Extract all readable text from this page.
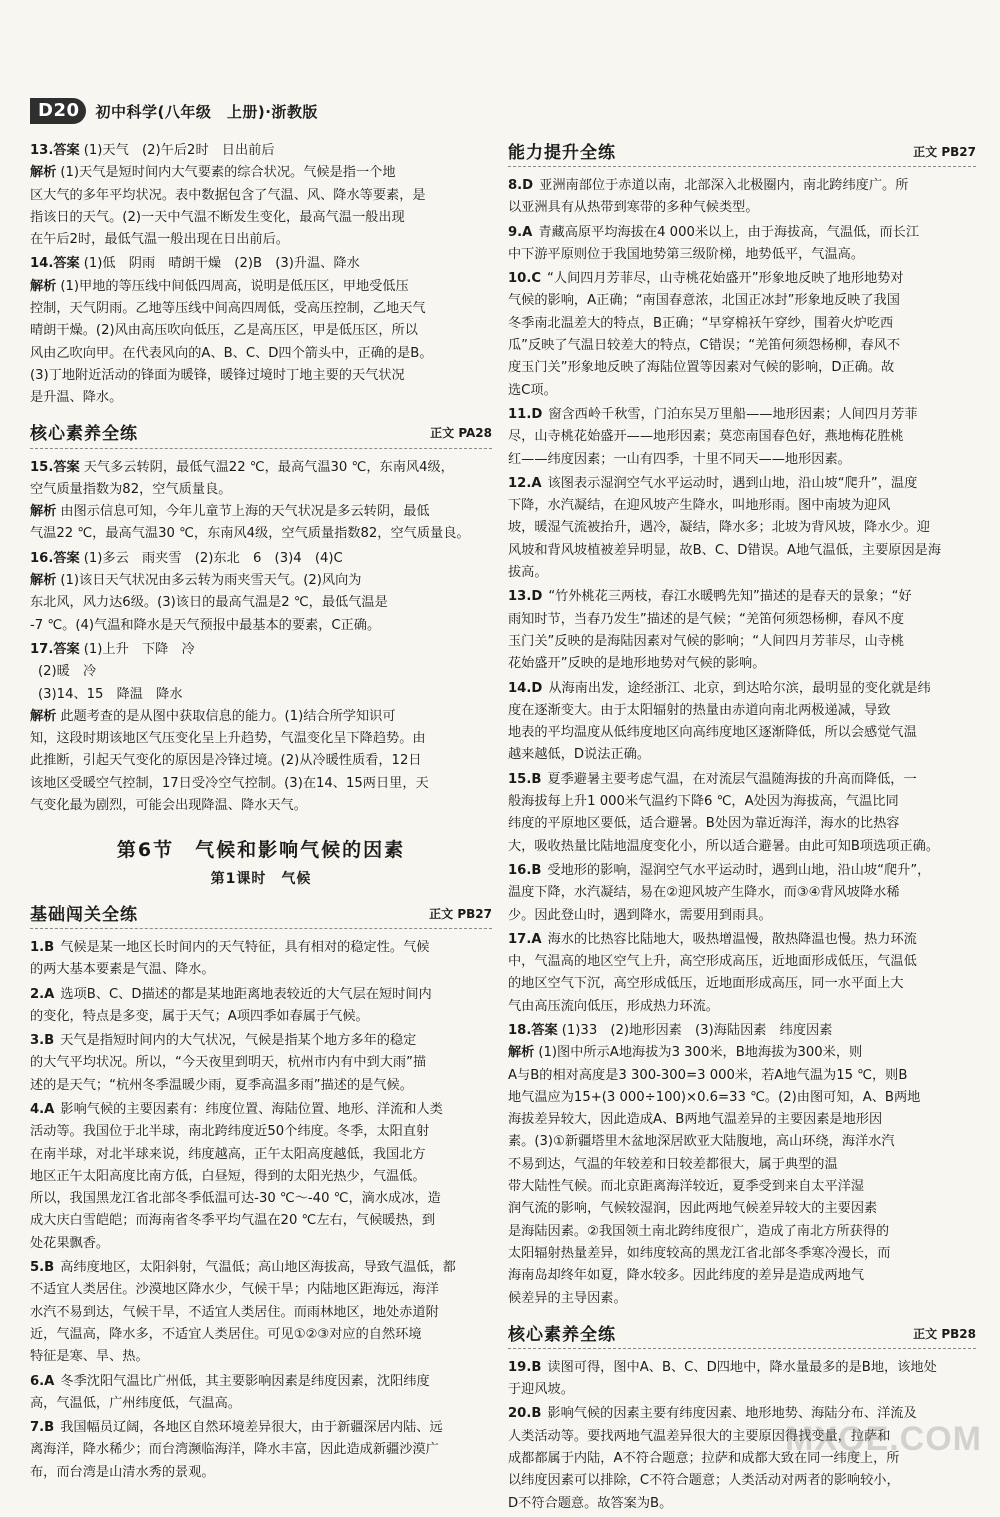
D20	初中科学(八年级　上册)·浙教版
13.答案 (1)天气　(2)午后2时　日出前后
解析 (1)天气是短时间内大气要素的综合状况。气候是指一个地
区大气的多年平均状况。表中数据包含了气温、风、降水等要素，是
指该日的天气。(2)一天中气温不断发生变化，最高气温一般出现
在午后2时，最低气温一般出现在日出前后。
14.答案 (1)低　阴雨　晴朗干燥　(2)B　(3)升温、降水
解析 (1)甲地的等压线中间低四周高，说明是低压区，甲地受低压
控制，天气阴雨。乙地等压线中间高四周低，受高压控制，乙地天气
晴朗干燥。(2)风由高压吹向低压，乙是高压区，甲是低压区，所以
风由乙吹向甲。在代表风向的A、B、C、D四个箭头中，正确的是B。
(3)丁地附近活动的锋面为暖锋，暖锋过境时丁地主要的天气状况
是升温、降水。
核心素养全练	正文 PA28
15.答案 天气多云转阴，最低气温22 ℃，最高气温30 ℃，东南风4级，
空气质量指数为82，空气质量良。
解析 由图示信息可知，今年儿童节上海的天气状况是多云转阴，最低
气温22 ℃，最高气温30 ℃，东南风4级，空气质量指数82，空气质量良。
16.答案 (1)多云　雨夹雪　(2)东北　6　(3)4　(4)C
解析 (1)该日天气状况由多云转为雨夹雪天气。(2)风向为
东北风，风力达6级。(3)该日的最高气温是2 ℃，最低气温是
-7 ℃。(4)气温和降水是天气预报中最基本的要素，C正确。
17.答案 (1)上升　下降　冷
(2)暖　冷
(3)14、15　降温　降水
解析 此题考查的是从图中获取信息的能力。(1)结合所学知识可
知，这段时期该地区气压变化呈上升趋势，气温变化呈下降趋势。由
此推断，引起天气变化的原因是冷锋过境。(2)从冷暖性质看，12日
该地区受暖空气控制，17日受冷空气控制。(3)在14、15两日里，天
气变化最为剧烈，可能会出现降温、降水天气。
第6节　气候和影响气候的因素
第1课时　气候
基础闯关全练	正文 PB27
1.B 气候是某一地区长时间内的天气特征，具有相对的稳定性。气候
的两大基本要素是气温、降水。
2.A 选项B、C、D描述的都是某地距离地表较近的大气层在短时间内
的变化，特点是多变，属于天气；A项四季如春属于气候。
3.B 天气是指短时间内的大气状况，气候是指某个地方多年的稳定
的大气平均状况。所以，“今天夜里到明天，杭州市内有中到大雨”描
述的是天气；“杭州冬季温暖少雨，夏季高温多雨”描述的是气候。
4.A 影响气候的主要因素有：纬度位置、海陆位置、地形、洋流和人类
活动等。我国位于北半球，南北跨纬度近50个纬度。冬季，太阳直射
在南半球，对北半球来说，纬度越高，正午太阳高度越低，我国北方
地区正午太阳高度比南方低，白昼短，得到的太阳光热少，气温低。
所以，我国黑龙江省北部冬季低温可达-30 ℃～-40 ℃，滴水成冰，造
成大庆白雪皑皑；而海南省冬季平均气温在20 ℃左右，气候暖热，到
处花果飘香。
5.B 高纬度地区，太阳斜射，气温低；高山地区海拔高，导致气温低，都
不适宜人类居住。沙漠地区降水少，气候干旱；内陆地区距海远，海洋
水汽不易到达，气候干旱，不适宜人类居住。而雨林地区，地处赤道附
近，气温高，降水多，不适宜人类居住。可见①②③对应的自然环境
特征是寒、旱、热。
6.A 冬季沈阳气温比广州低，其主要影响因素是纬度因素，沈阳纬度
高，气温低，广州纬度低，气温高。
7.B 我国幅员辽阔，各地区自然环境差异很大，由于新疆深居内陆、远
离海洋，降水稀少；而台湾濒临海洋，降水丰富，因此造成新疆沙漠广
布，而台湾是山清水秀的景观。
能力提升全练	正文 PB27
8.D 亚洲南部位于赤道以南，北部深入北极圈内，南北跨纬度广。所
以亚洲具有从热带到寒带的多种气候类型。
9.A 青藏高原平均海拔在4 000米以上，由于海拔高，气温低，而长江
中下游平原则位于我国地势第三级阶梯，地势低平，气温高。
10.C “人间四月芳菲尽，山寺桃花始盛开”形象地反映了地形地势对
气候的影响，A正确；“南国春意浓，北国正冰封”形象地反映了我国
冬季南北温差大的特点，B正确；“早穿棉袄午穿纱，围着火炉吃西
瓜”反映了气温日较差大的特点，C错误；“羌笛何须怨杨柳，春风不
度玉门关”形象地反映了海陆位置等因素对气候的影响，D正确。故
选C项。
11.D 窗含西岭千秋雪，门泊东吴万里船——地形因素；人间四月芳菲
尽，山寺桃花始盛开——地形因素；莫恋南国春色好，燕地梅花胜桃
红——纬度因素；一山有四季，十里不同天——地形因素。
12.A 该图表示湿润空气水平运动时，遇到山地，沿山坡“爬升”，温度
下降，水汽凝结，在迎风坡产生降水，叫地形雨。图中南坡为迎风
坡，暖湿气流被抬升，遇冷，凝结，降水多；北坡为背风坡，降水少。迎
风坡和背风坡植被差异明显，故B、C、D错误。A地气温低，主要原因是海
拔高。
13.D “竹外桃花三两枝，春江水暖鸭先知”描述的是春天的景象；“好
雨知时节，当春乃发生”描述的是气候；“羌笛何须怨杨柳，春风不度
玉门关”反映的是海陆因素对气候的影响；“人间四月芳菲尽，山寺桃
花始盛开”反映的是地形地势对气候的影响。
14.D 从海南出发，途经浙江、北京，到达哈尔滨，最明显的变化就是纬
度在逐渐变大。由于太阳辐射的热量由赤道向南北两极递减，导致
地表的平均温度从低纬度地区向高纬度地区逐渐降低，所以会感觉气温
越来越低，D说法正确。
15.B 夏季避暑主要考虑气温，在对流层气温随海拔的升高而降低，一
般海拔每上升1 000米气温约下降6 ℃，A处因为海拔高，气温比同
纬度的平原地区要低，适合避暑。B处因为靠近海洋，海水的比热容
大，吸收热量比陆地温度变化小，所以适合避暑。由此可知B项选项正确。
16.B 受地形的影响，湿润空气水平运动时，遇到山地，沿山坡“爬升”，
温度下降，水汽凝结，易在②迎风坡产生降水，而③④背风坡降水稀
少。因此登山时，遇到降水，需要用到雨具。
17.A 海水的比热容比陆地大，吸热增温慢，散热降温也慢。热力环流
中，气温高的地区空气上升，高空形成高压，近地面形成低压，气温低
的地区空气下沉，高空形成低压，近地面形成高压，同一水平面上大
气由高压流向低压，形成热力环流。
18.答案 (1)33　(2)地形因素　(3)海陆因素　纬度因素
解析 (1)图中所示A地海拔为3 300米，B地海拔为300米，则
A与B的相对高度是3 300-300=3 000米，若A地气温为15 ℃，则B
地气温应为15+(3 000÷100)×0.6=33 ℃。(2)由图可知，A、B两地
海拔差异较大，因此造成A、B两地气温差异的主要因素是地形因
素。(3)①新疆塔里木盆地深居欧亚大陆腹地，高山环绕，海洋水汽
不易到达，气温的年较差和日较差都很大，属于典型的温
带大陆性气候。而北京距离海洋较近，夏季受到来自太平洋湿
润气流的影响，气候较湿润，因此两地气候差异较大的主要因素
是海陆因素。②我国领土南北跨纬度很广，造成了南北方所获得的
太阳辐射热量差异，如纬度较高的黑龙江省北部冬季寒冷漫长，而
海南岛却终年如夏，降水较多。因此纬度的差异是造成两地气
候差异的主导因素。
核心素养全练	正文 PB28
19.B 读图可得，图中A、B、C、D四地中，降水量最多的是B地，该地处
于迎风坡。
20.B 影响气候的因素主要有纬度因素、地形地势、海陆分布、洋流及
人类活动等。要找两地气温差异很大的主要原因得找变量，拉萨和
成都都属于内陆，A不符合题意；拉萨和成都大致在同一纬度上，所
以纬度因素可以排除，C不符合题意；人类活动对两者的影响较小，
D不符合题意。故答案为B。
MXQE.COM
